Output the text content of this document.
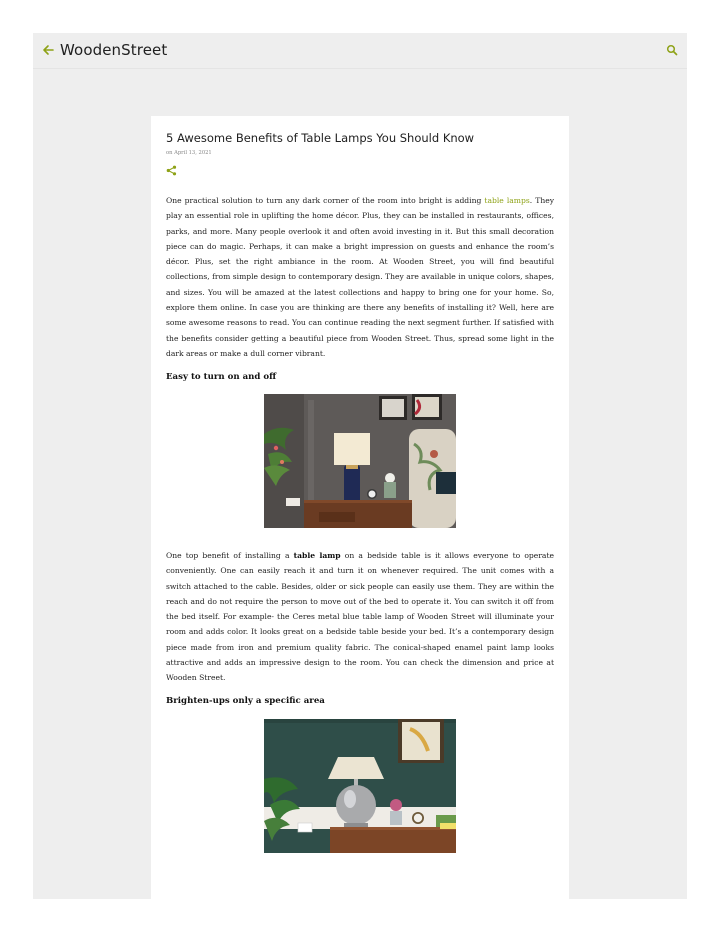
WoodenStreet
5 Awesome Benefits of Table Lamps You Should Know
on April 13, 2021

One practical solution to turn any dark corner of the room into bright is adding table lamps. They play an essential role in uplifting the home décor. Plus, they can be installed in restaurants, offices, parks, and more. Many people overlook it and often avoid investing in it. But this small decoration piece can do magic. Perhaps, it can make a bright impression on guests and enhance the room’s décor. Plus, set the right ambiance in the room. At Wooden Street, you will find beautiful collections, from simple design to contemporary design. They are available in unique colors, shapes, and sizes. You will be amazed at the latest collections and happy to bring one for your home. So, explore them online. In case you are thinking are there any benefits of installing it? Well, here are some awesome reasons to read. You can continue reading the next segment further. If satisfied with the benefits consider getting a beautiful piece from Wooden Street. Thus, spread some light in the dark areas or make a dull corner vibrant.

Easy to turn on and off

One top benefit of installing a table lamp on a bedside table is it allows everyone to operate conveniently. One can easily reach it and turn it on whenever required. The unit comes with a switch attached to the cable. Besides, older or sick people can easily use them. They are within the reach and do not require the person to move out of the bed to operate it. You can switch it off from the bed itself. For example- the Ceres metal blue table lamp of Wooden Street will illuminate your room and adds color. It looks great on a bedside table beside your bed. It’s a contemporary design piece made from iron and premium quality fabric. The conical-shaped enamel paint lamp looks attractive and adds an impressive design to the room. You can check the dimension and price at Wooden Street.

Brighten-ups only a specific area
